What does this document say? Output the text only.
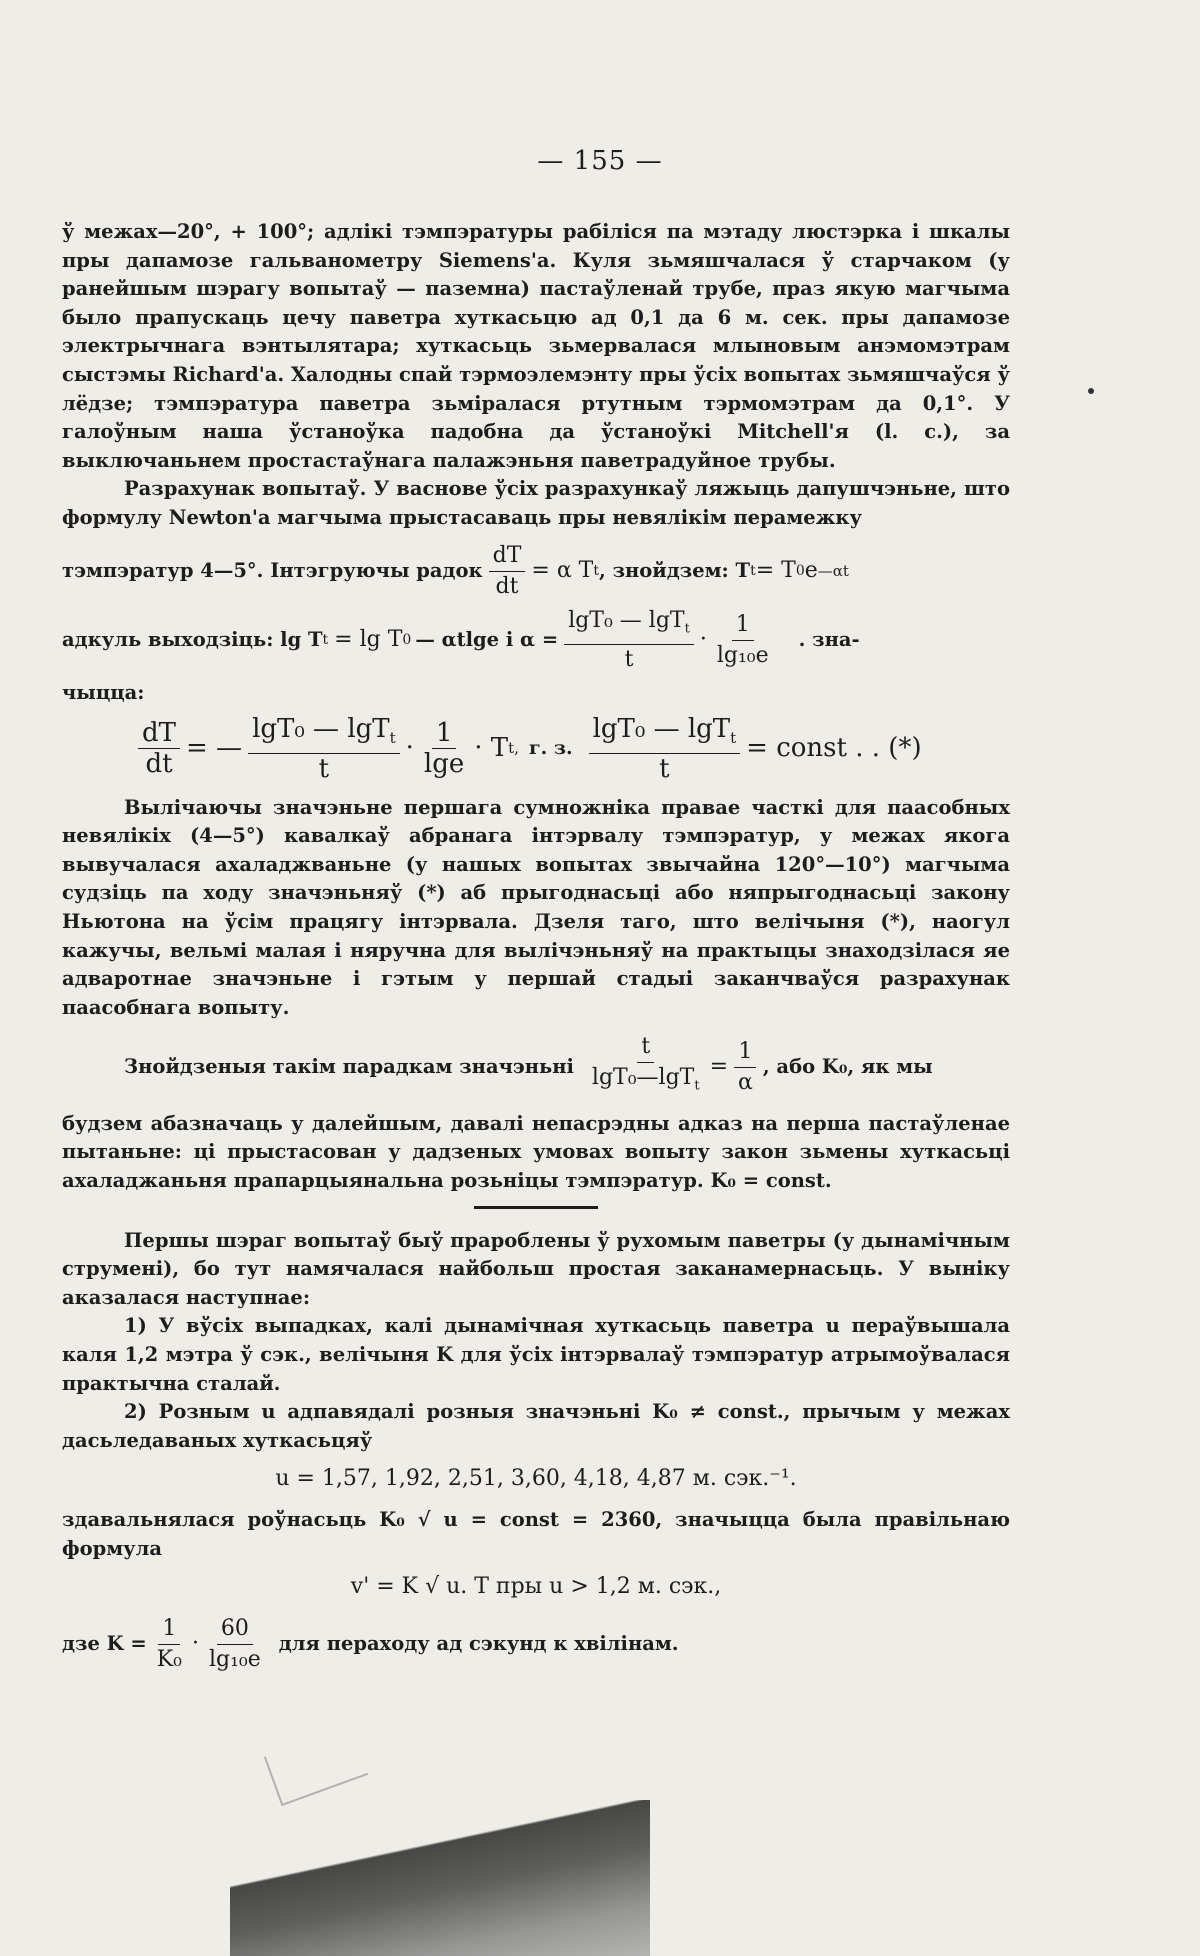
— 155 —

ў межах—20°, + 100°; адлікі тэмпэратуры рабіліся па мэтаду люстэрка і шкалы пры дапамозе гальванометру Siemens'a. Куля зьмяшчалася ў старчаком (у ранейшым шэрагу вопытаў — паземна) пастаўленай трубе, праз якую магчыма было прапускаць цечу паветра хуткасьцю ад 0,1 да 6 м. сек. пры дапамозе электрычнага вэнтылятара; хуткасьць зьмервалася млыновым анэмомэтрам сыстэмы Richard'a. Халодны спай тэрмоэлемэнту пры ўсіх вопытах зьмяшчаўся ў лёдзе; тэмпэратура паветра зьміралася ртутным тэрмомэтрам да 0,1°. У галоўным наша ўстаноўка падобна да ўстаноўкі Mitchell'я (l. c.), за выключаньнем простастаўнага палажэньня паветрадуйное трубы.

Разрахунак вопытаў. У васнове ўсіх разрахункаў ляжыць дапушчэньне, што формулу Newton'а магчыма прыстасаваць пры невялікім перамежку

тэмпэратур 4—5°. Інтэгруючы радок $\frac{dT}{dt} = \alpha$ T t , знойдзем: T t = T 0 e —αt
адкуль выходзіць: lg T t = lg T 0 — αtlge і $\alpha = \frac{\lg T_0 — \lg T_t}{t} \cdot \frac{1}{\text{lg₁₀e}}$ . зна-

чыцца:

$\frac{dT}{dt}$ = — $\frac{\lg T_0 — \lg T_t}{t} \cdot \frac{1}{\lg e} \cdot T$ t, г. з. $\frac{\lg T_0 — \lg T_t}{t}$ = const . . (*)

Вылічаючы значэньне першага сумножніка правае часткі для паасобных невялікіх (4—5°) кавалкаў абранага інтэрвалу тэмпэратур, у межах якога вывучалася ахаладжваньне (у нашых вопытах звычайна 120°—10°) магчыма судзіць па ходу значэньняў (*) аб прыгоднасьці або няпрыгоднасьці закону Ньютона на ўсім працягу інтэрвала. Дзеля таго, што велічыня (*), наогул кажучы, вельмі малая і няручна для вылічэньняў на практыцы знаходзілася яе адваротнае значэньне і гэтым у першай стадыі заканчваўся разрахунак паасобнага вопыту.

Знойдзеныя такім парадкам значэньні $\frac{t}{\lg T_0—\lg T_t} = \frac{1}{\alpha}$ , або K₀, як мы

будзем абазначаць у далейшым, давалі непасрэдны адказ на перша пастаўленае пытаньне: ці прыстасован у дадзеных умовах вопыту закон зьмены хуткасьці ахаладжаньня прапарцыянальна розьніцы тэмпэратур. K₀ = const.

Першы шэраг вопытаў быў прароблены ў рухомым паветры (у дынамічным струмені), бо тут намячалася найбольш простая заканамернасьць. У выніку аказалася наступнае:

1) У вўсіх выпадках, калі дынамічная хуткасьць паветра u пераўвышала каля 1,2 мэтра ў сэк., велічыня K для ўсіх інтэрвалаў тэмпэратур атрымоўвалася практычна сталай.

2) Розным u адпавядалі розныя значэньні K₀ ≠ const., прычым у межах дасьледаваных хуткасьцяў

u = 1,57, 1,92, 2,51, 3,60, 4,18, 4,87 м. сэк.⁻¹.

здавальнялася роўнасьць K₀ √ u = const = 2360, значыцца была правільнаю формула

v' = K √ u. T пры u > 1,2 м. сэк.,
дзе $K = \frac{1}{\text{K₀}} \cdot \frac{60}{\text{lg₁₀e}}$ для пераходу ад сэкунд к хвілінам.
